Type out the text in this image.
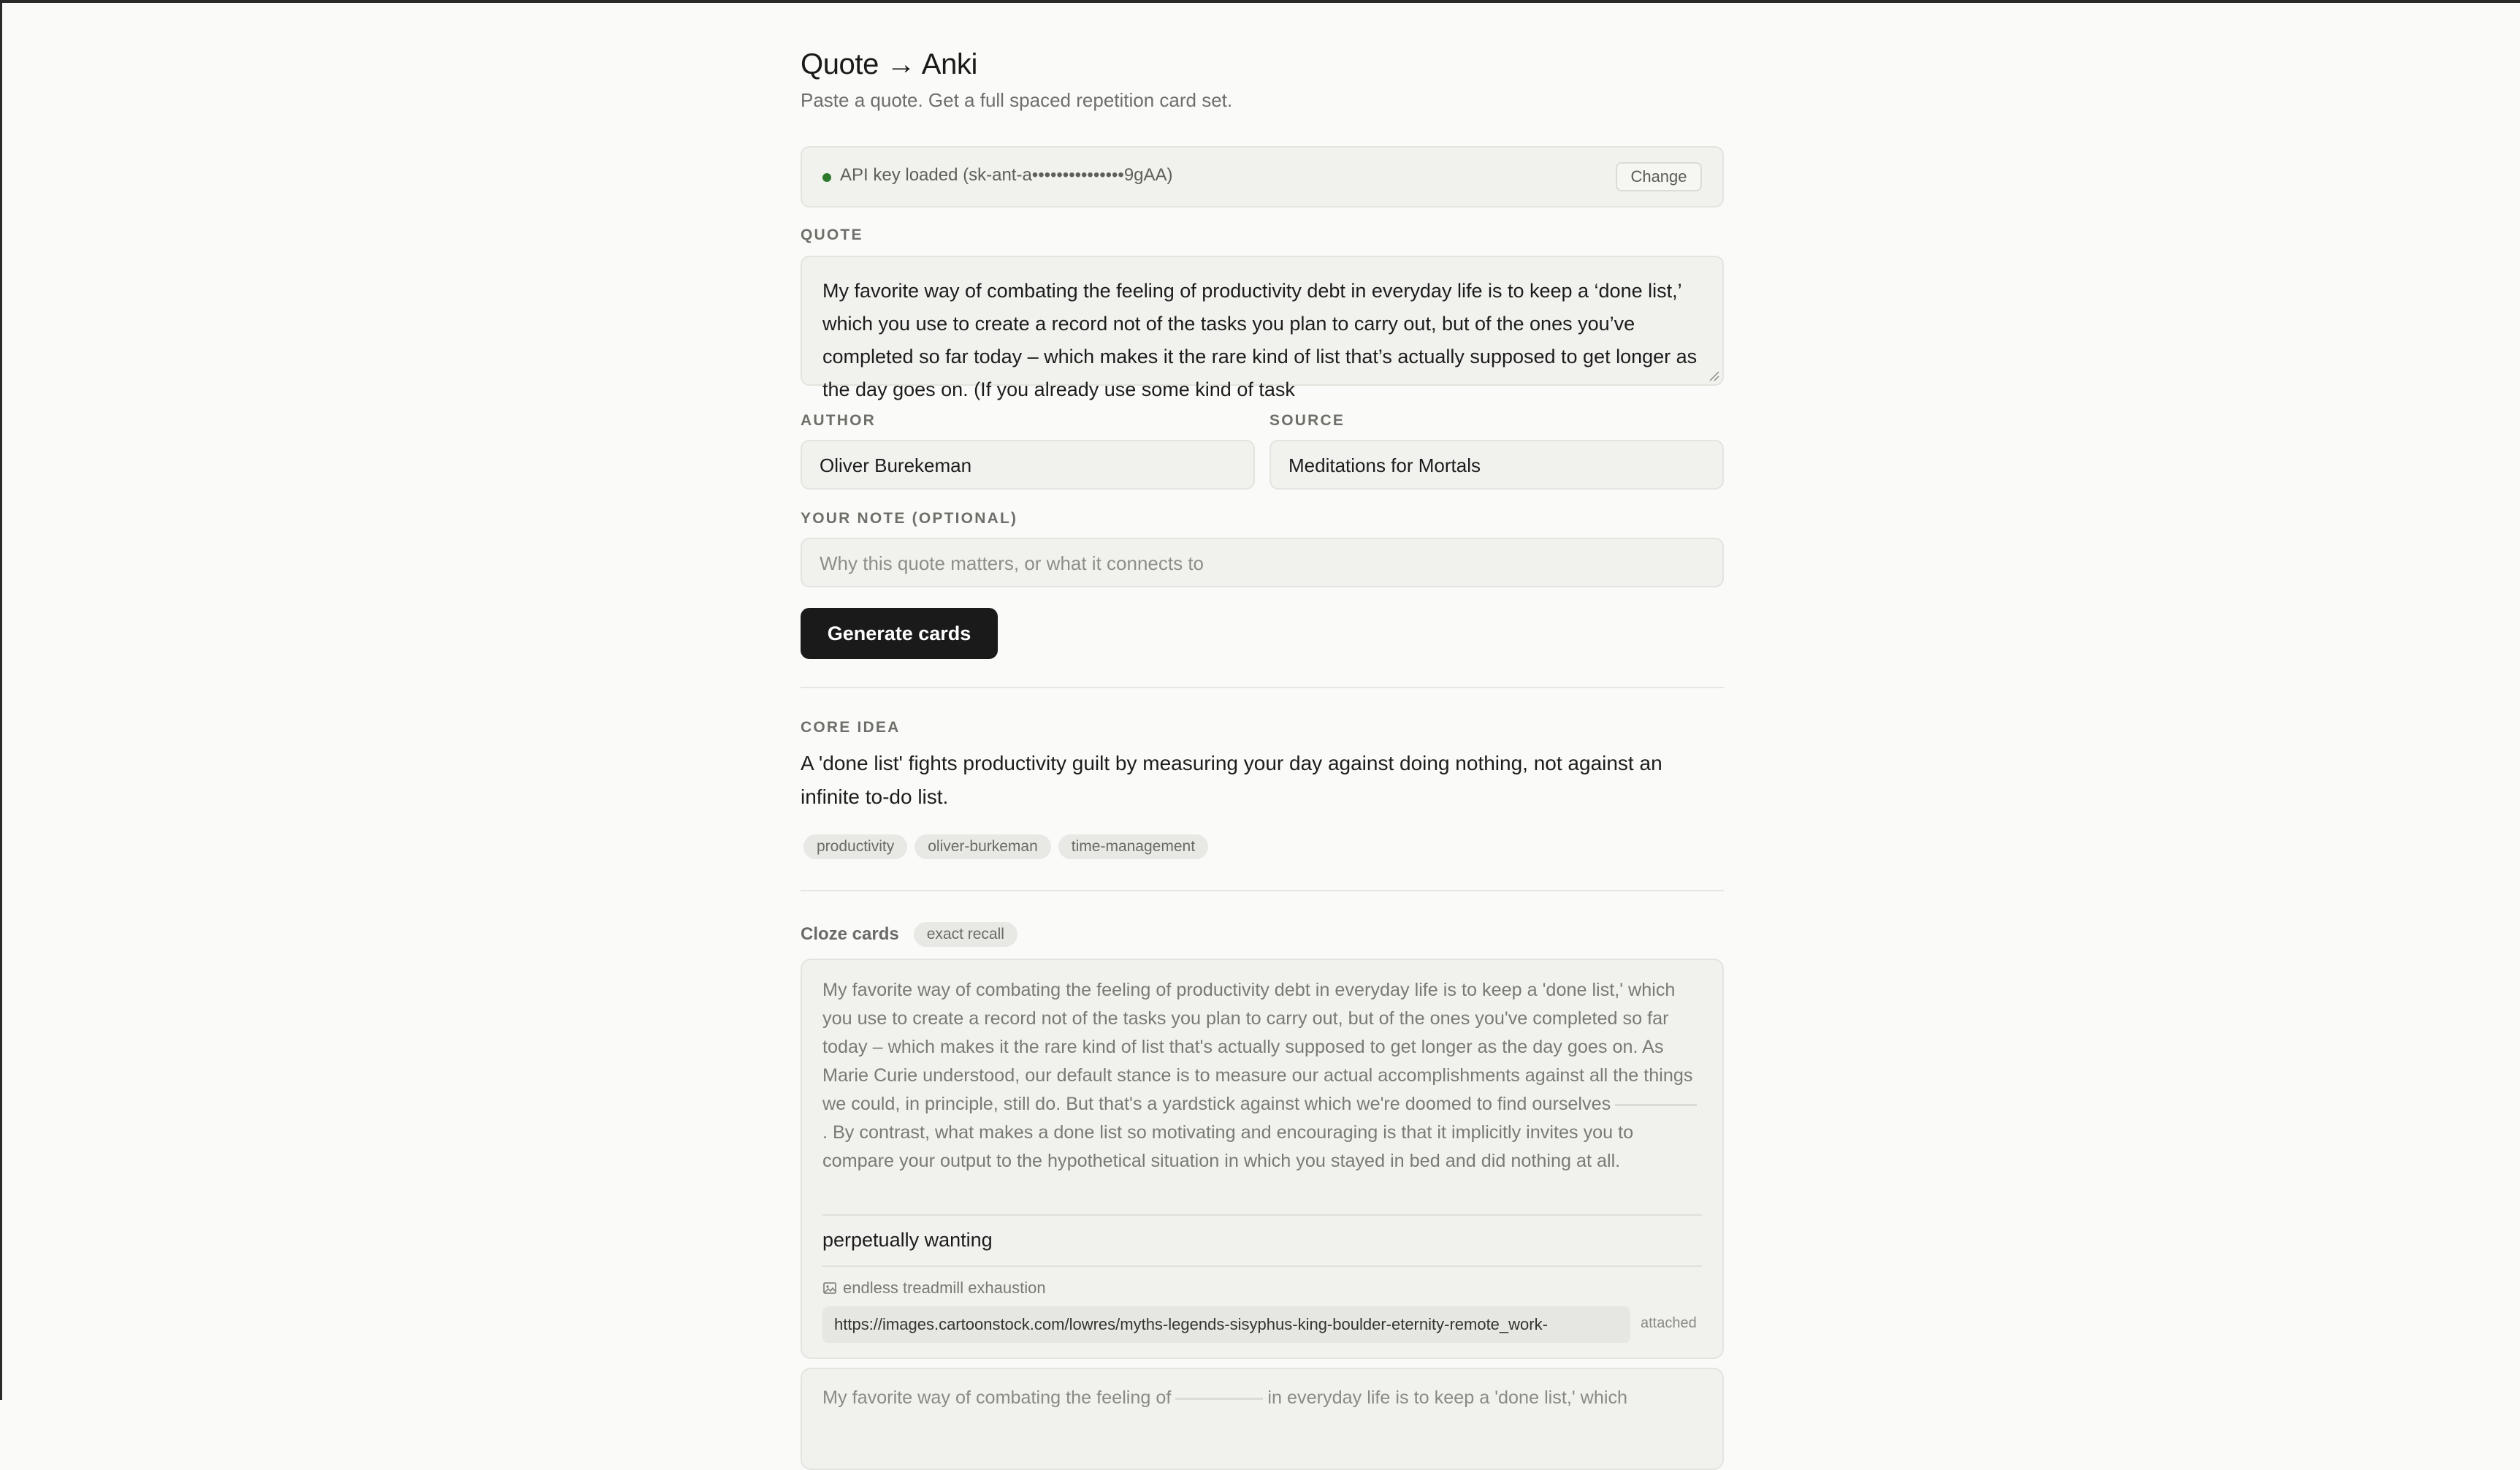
Quote → Anki
Paste a quote. Get a full spaced repetition card set.
API key loaded (sk-ant-a•••••••••••••••9gAA)	Change
QUOTE
My favorite way of combating the feeling of productivity debt in everyday life is to keep a ‘done list,’ which you use to create a record not of the tasks you plan to carry out, but of the ones you’ve completed so far today – which makes it the rare kind of list that’s actually supposed to get longer as the day goes on. (If you already use some kind of task
AUTHOR
Oliver Burekeman
SOURCE
Meditations for Mortals
YOUR NOTE (OPTIONAL)
Why this quote matters, or what it connects to
Generate cards
CORE IDEA
A 'done list' fights productivity guilt by measuring your day against doing nothing, not against an infinite to-do list.
productivity	oliver-burkeman	time-management
Cloze cards	exact recall
My favorite way of combating the feeling of productivity debt in everyday life is to keep a 'done list,' which you use to create a record not of the tasks you plan to carry out, but of the ones you've completed so far today – which makes it the rare kind of list that's actually supposed to get longer as the day goes on. As Marie Curie understood, our default stance is to measure our actual accomplishments against all the things we could, in principle, still do. But that's a yardstick against which we're doomed to find ourselves. By contrast, what makes a done list so motivating and encouraging is that it implicitly invites you to compare your output to the hypothetical situation in which you stayed in bed and did nothing at all.
perpetually wanting
endless treadmill exhaustion
https://images.cartoonstock.com/lowres/myths-legends-sisyphus-king-boulder-eternity-remote_work-	attached
My favorite way of combating the feeling of	in everyday life is to keep a 'done list,' which
